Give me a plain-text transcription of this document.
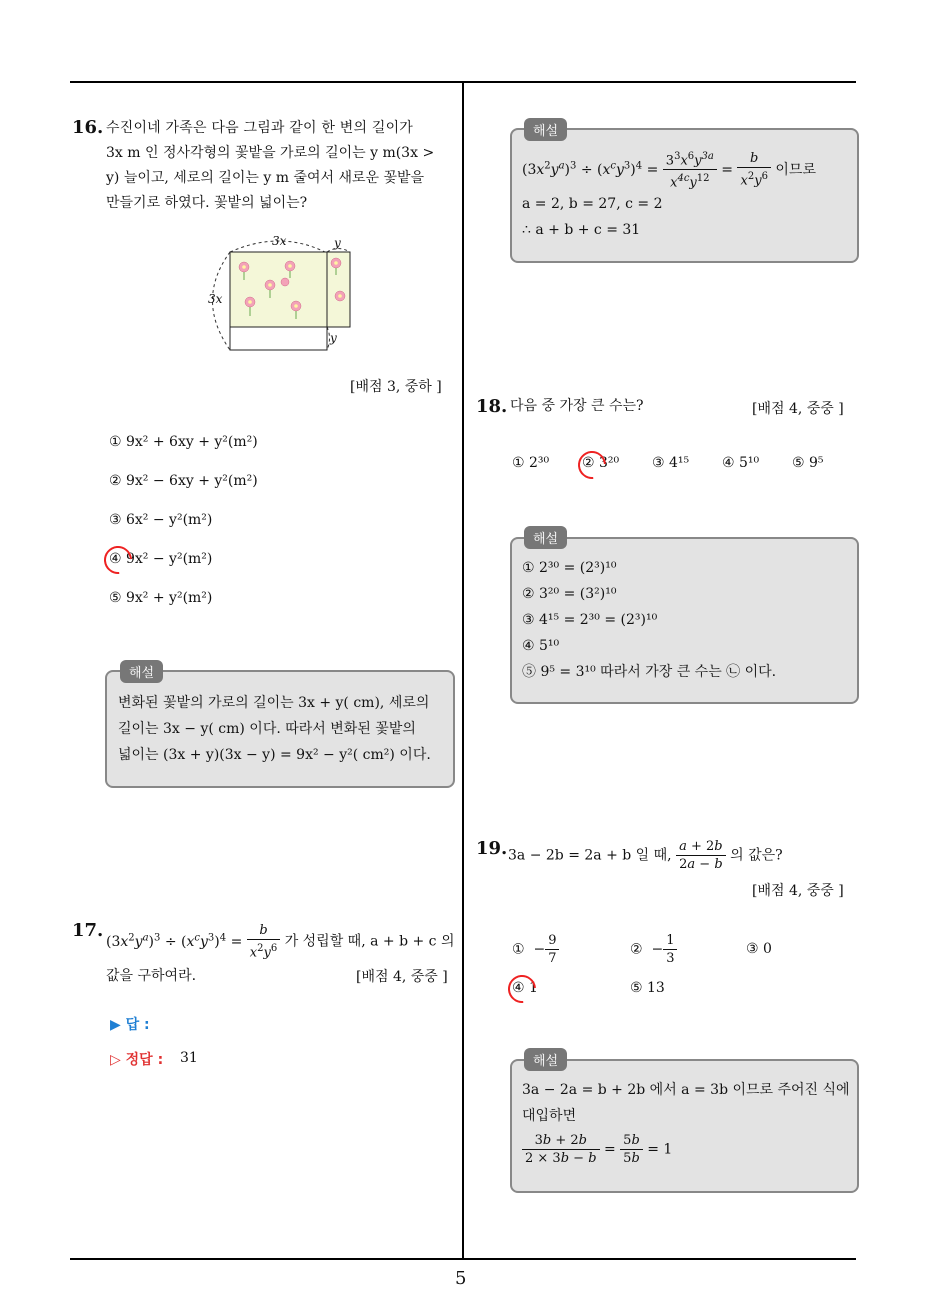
5
16. 수진이네 가족은 다음 그림과 같이 한 변의 길이가
3x m 인 정사각형의 꽃밭을 가로의 길이는 y m(3x >
y) 늘이고, 세로의 길이는 y m 줄여서 새로운 꽃밭을
만들기로 하였다. 꽃밭의 넓이는?
3x
3x
y
y
[배점 3, 중하 ]
① 9x² + 6xy + y²(m²)
② 9x² − 6xy + y²(m²)
③ 6x² − y²(m²)
④ 9x² − y²(m²)
⑤ 9x² + y²(m²)
해설
변화된 꽃밭의 가로의 길이는 3x + y( cm), 세로의
길이는 3x − y( cm) 이다. 따라서 변화된 꽃밭의
넓이는 (3x + y)(3x − y) = 9x² − y²( cm²) 이다.
17.
$(3x^2y^a)^3 \div (x^cy^3)^4 = \frac{b}{x^2y^6}$ 가 성립할 때, a + b + c 의
값을 구하여라.	[배점 4, 중중 ]
▶ 답 :
▷ 정답 : 31
해설
$(3x^2y^a)^3 \div (x^cy^3)^4 = \frac{3^3x^6y^{3a}}{x^{4c}y^{12}} = \frac{b}{x^2y^6}$ 이므로
a = 2, b = 27, c = 2
∴ a + b + c = 31
18. 다음 중 가장 큰 수는?	[배점 4, 중중 ]
① 2³⁰ ② 3²⁰ ③ 4¹⁵ ④ 5¹⁰ ⑤ 9⁵
해설
① 2³⁰ = (2³)¹⁰
② 3²⁰ = (3²)¹⁰
③ 4¹⁵ = 2³⁰ = (2³)¹⁰
④ 5¹⁰
⑤ 9⁵ = 3¹⁰ 따라서 가장 큰 수는 ㉡ 이다.
19. 3a − 2b = 2a + b 일 때, $\frac{a + 2b}{2a - b}$ 의 값은?
[배점 4, 중중 ]
①  − $\frac{9}{7}$	②  − $\frac{1}{3}$	③ 0
④ 1	⑤ 13
해설
3a − 2a = b + 2b 에서 a = 3b 이므로 주어진 식에
대입하면
$\frac{3b + 2b}{2 \times 3b - b} = \frac{5b}{5b} = 1$
